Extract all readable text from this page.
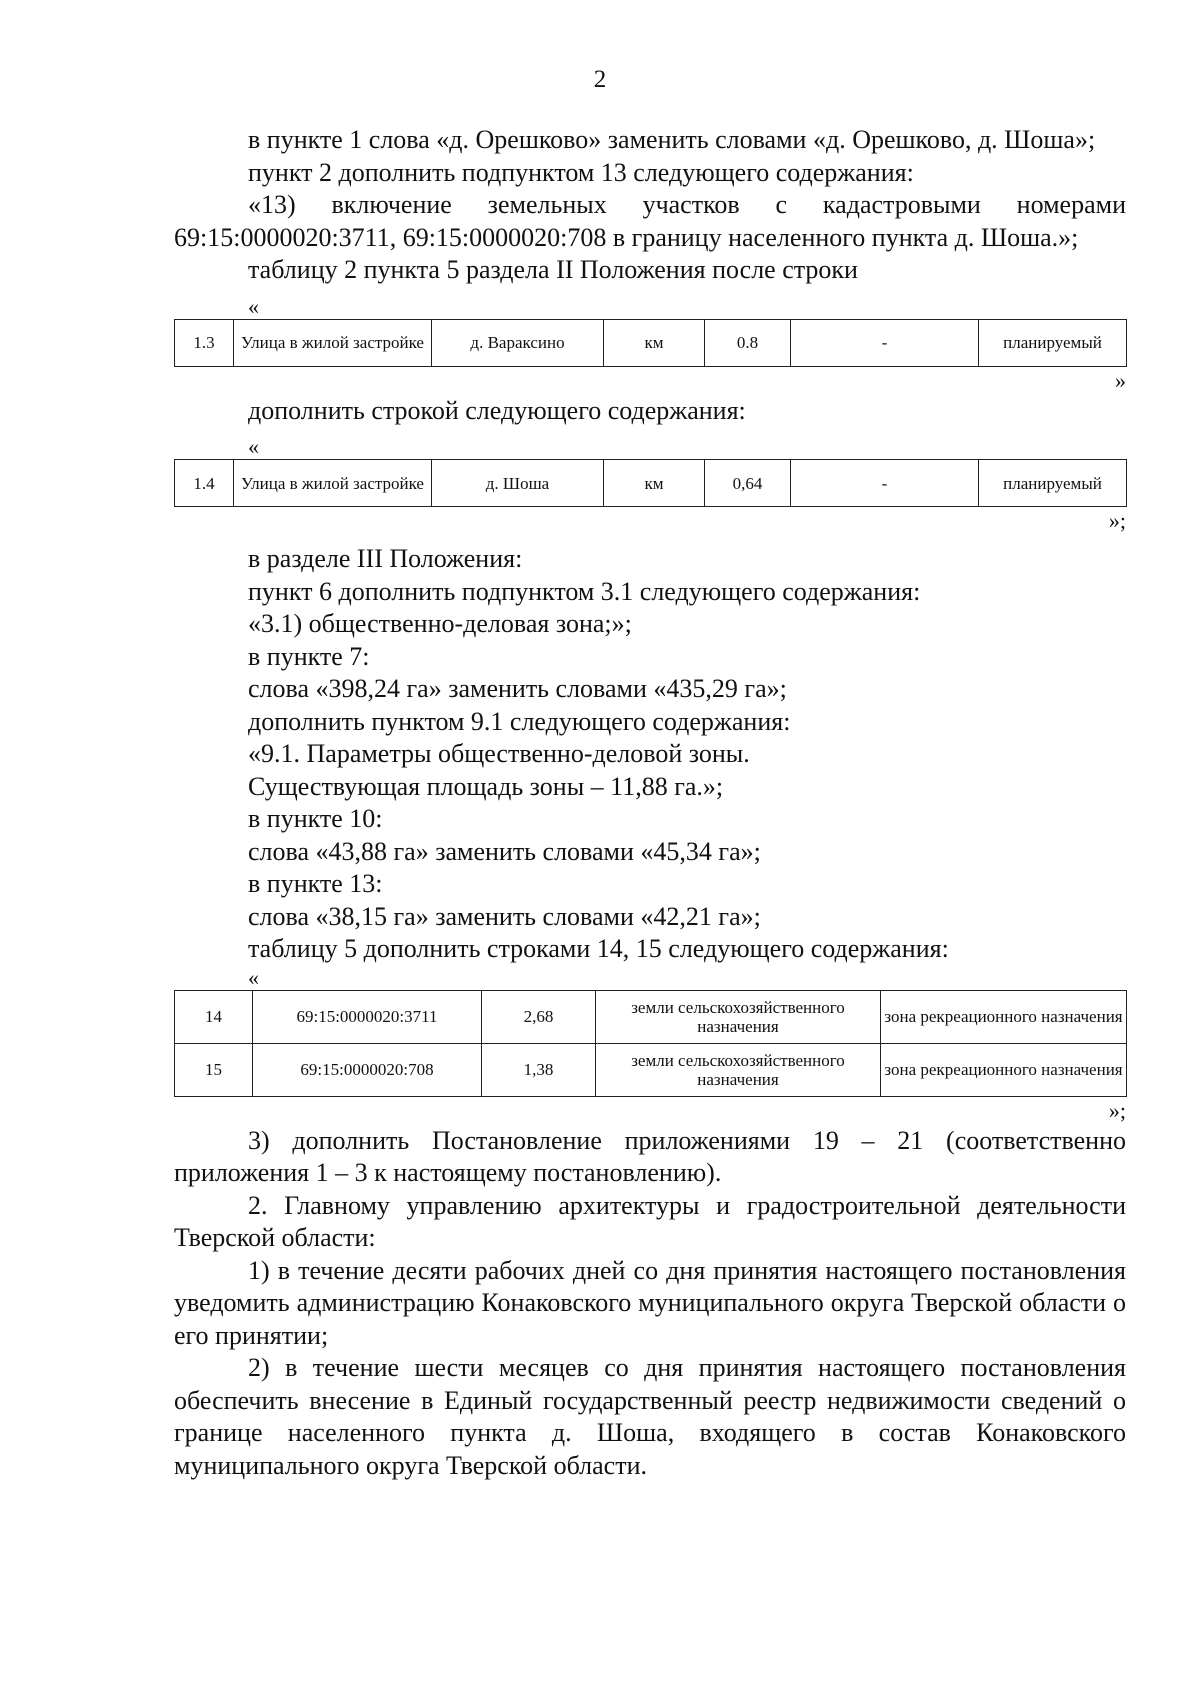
2

в пункте 1 слова «д. Орешково» заменить словами «д. Орешково, д. Шоша»;

пункт 2 дополнить подпунктом 13 следующего содержания:

«13) включение земельных участков с кадастровыми номерами 69:15:0000020:3711, 69:15:0000020:708 в границу населенного пункта д. Шоша.»;

таблицу 2 пункта 5 раздела II Положения после строки

«
1.3	Улица в жилой застройке	д. Варaксино	км	0.8	-	планируемый
»

дополнить строкой следующего содержания:

«
1.4	Улица в жилой застройке	д. Шоша	км	0,64	-	планируемый
»;

в разделе III Положения:

пункт 6 дополнить подпунктом 3.1 следующего содержания:

«3.1) общественно-деловая зона;»;

в пункте 7:

слова «398,24 га» заменить словами «435,29 га»;

дополнить пунктом 9.1 следующего содержания:

«9.1. Параметры общественно-деловой зоны.

Существующая площадь зоны – 11,88 га.»;

в пункте 10:

слова «43,88 га» заменить словами «45,34 га»;

в пункте 13:

слова «38,15 га» заменить словами «42,21 га»;

таблицу 5 дополнить строками 14, 15 следующего содержания:

«
14	69:15:0000020:3711	2,68	земли сельскохозяйственного назначения	зона рекреационного назначения
15	69:15:0000020:708	1,38	земли сельскохозяйственного назначения	зона рекреационного назначения
»;

3) дополнить Постановление приложениями 19 – 21 (соответственно приложения 1 – 3 к настоящему постановлению).

2. Главному управлению архитектуры и градостроительной деятельности Тверской области:

1) в течение десяти рабочих дней со дня принятия настоящего постановления уведомить администрацию Конаковского муниципального округа Тверской области о его принятии;

2) в течение шести месяцев со дня принятия настоящего постановления обеспечить внесение в Единый государственный реестр недвижимости сведений о границе населенного пункта д. Шоша, входящего в состав Конаковского муниципального округа Тверской области.
